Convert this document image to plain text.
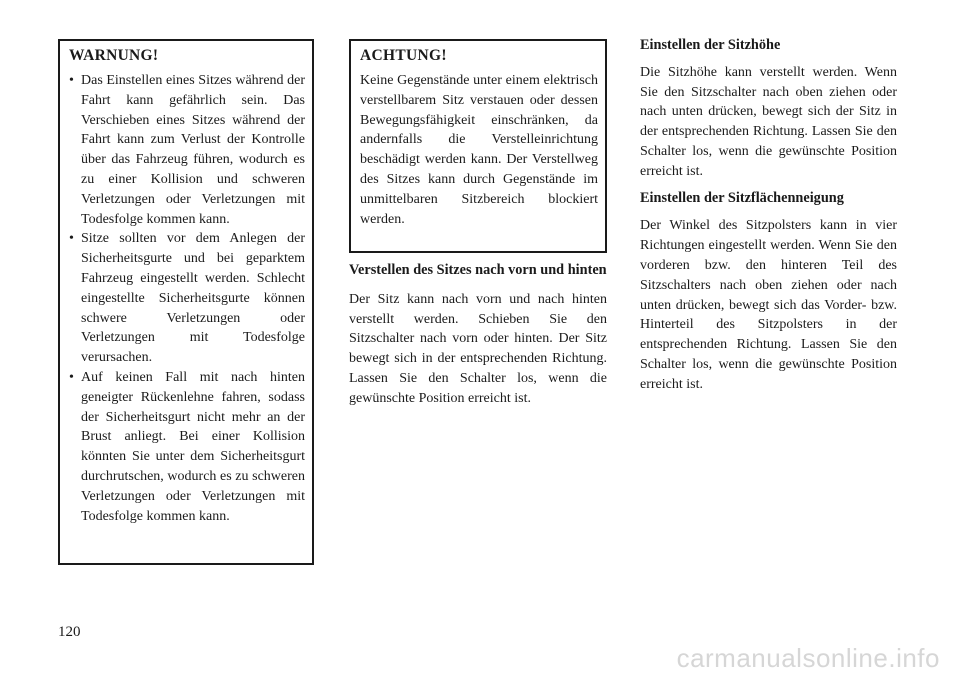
WARNUNG!
• Das Einstellen eines Sitzes während der Fahrt kann gefährlich sein. Das Verschieben eines Sitzes während der Fahrt kann zum Verlust der Kontrolle über das Fahrzeug führen, wodurch es zu einer Kollision und schweren Verletzungen oder Verletzungen mit Todesfolge kommen kann.
• Sitze sollten vor dem Anlegen der Sicherheitsgurte und bei geparktem Fahrzeug eingestellt werden. Schlecht eingestellte Sicherheitsgurte können schwere Verletzungen oder Verletzungen mit Todesfolge verursachen.
• Auf keinen Fall mit nach hinten geneigter Rückenlehne fahren, sodass der Sicherheitsgurt nicht mehr an der Brust anliegt. Bei einer Kollision könnten Sie unter dem Sicherheitsgurt durchrutschen, wodurch es zu schweren Verletzungen oder Verletzungen mit Todesfolge kommen kann.
ACHTUNG!

Keine Gegenstände unter einem elektrisch verstellbarem Sitz verstauen oder dessen Bewegungsfähigkeit einschränken, da andernfalls die Verstelleinrichtung beschädigt werden kann. Der Verstellweg des Sitzes kann durch Gegenstände im unmittelbaren Sitzbereich blockiert werden.

Verstellen des Sitzes nach vorn und hinten

Der Sitz kann nach vorn und nach hinten verstellt werden. Schieben Sie den Sitzschalter nach vorn oder hinten. Der Sitz bewegt sich in der entsprechenden Richtung. Lassen Sie den Schalter los, wenn die gewünschte Position erreicht ist.

Einstellen der Sitzhöhe

Die Sitzhöhe kann verstellt werden. Wenn Sie den Sitzschalter nach oben ziehen oder nach unten drücken, bewegt sich der Sitz in der entsprechenden Richtung. Lassen Sie den Schalter los, wenn die gewünschte Position erreicht ist.

Einstellen der Sitzflächenneigung

Der Winkel des Sitzpolsters kann in vier Richtungen eingestellt werden. Wenn Sie den vorderen bzw. den hinteren Teil des Sitzschalters nach oben ziehen oder nach unten drücken, bewegt sich das Vorder- bzw. Hinterteil des Sitzpolsters in der entsprechenden Richtung. Lassen Sie den Schalter los, wenn die gewünschte Position erreicht ist.

120
carmanualsonline.info
